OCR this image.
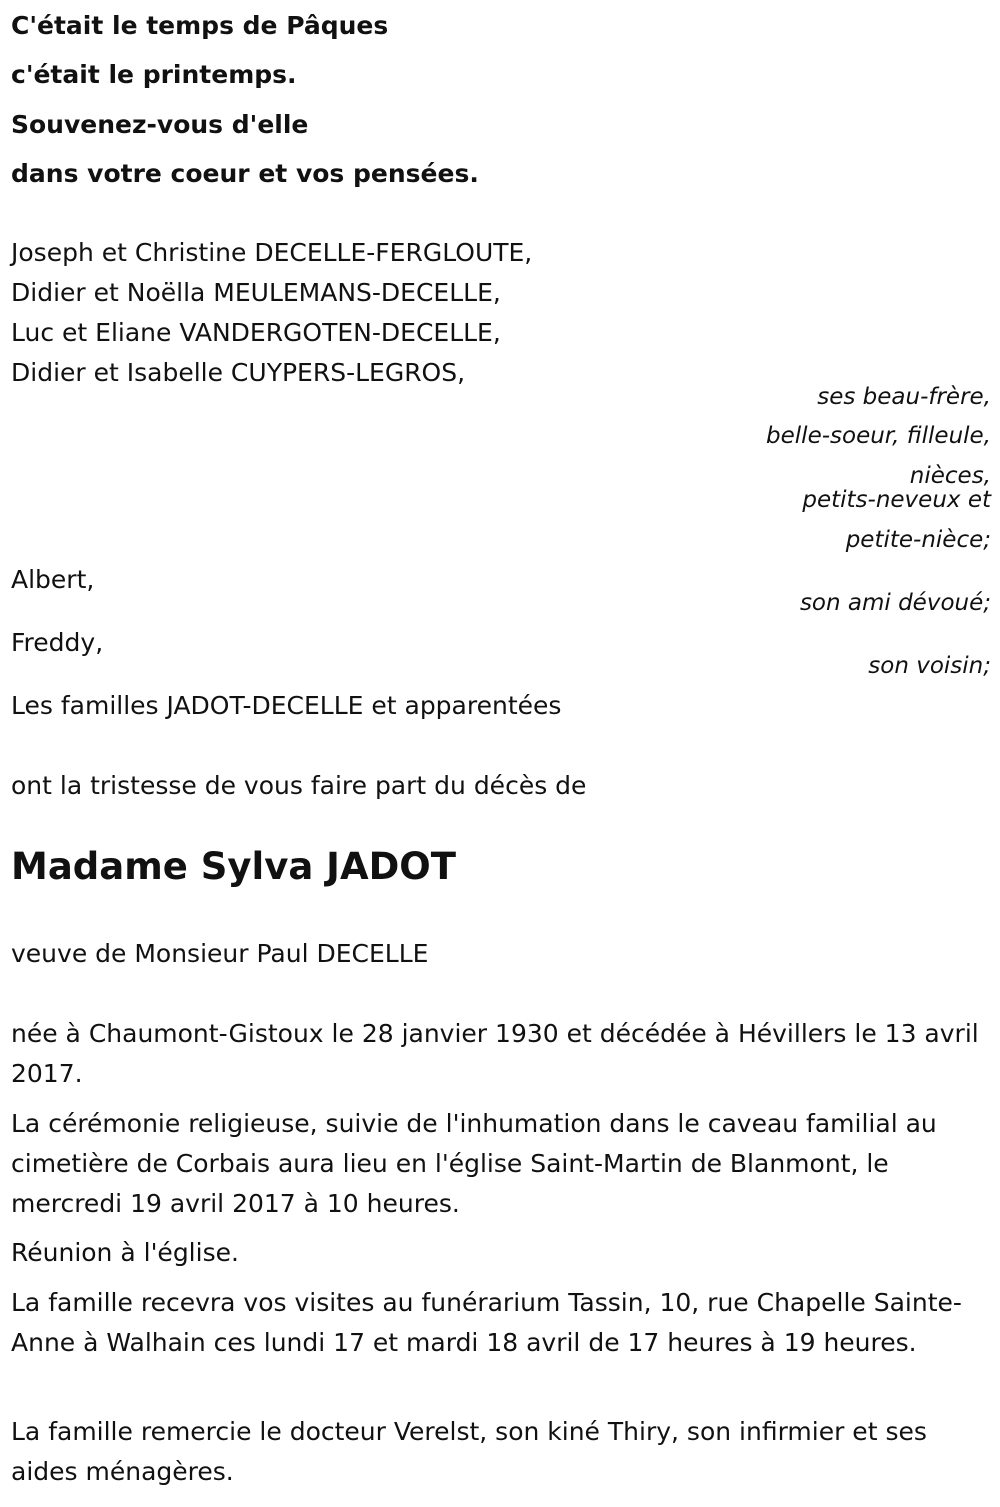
C'était le temps de Pâques
c'était le printemps.
Souvenez-vous d'elle
dans votre coeur et vos pensées.
Joseph et Christine DECELLE-FERGLOUTE,
Didier et Noëlla MEULEMANS-DECELLE,
Luc et Eliane VANDERGOTEN-DECELLE,
Didier et Isabelle CUYPERS-LEGROS,
ses beau-frère,
belle-soeur, filleule,
nièces,
petits-neveux et
petite-nièce;
Albert,
son ami dévoué;
Freddy,
son voisin;
Les familles JADOT-DECELLE et apparentées
ont la tristesse de vous faire part du décès de
Madame Sylva JADOT
veuve de Monsieur Paul DECELLE
née à Chaumont-Gistoux le 28 janvier 1930 et décédée à Hévillers le 13 avril 2017.
La cérémonie religieuse, suivie de l'inhumation dans le caveau familial au cimetière de Corbais aura lieu en l'église Saint-Martin de Blanmont, le mercredi 19 avril 2017 à 10 heures.
Réunion à l'église.
La famille recevra vos visites au funérarium Tassin, 10, rue Chapelle Sainte-Anne à Walhain ces lundi 17 et mardi 18 avril de 17 heures à 19 heures.
La famille remercie le docteur Verelst, son kiné Thiry, son infirmier et ses aides ménagères.
